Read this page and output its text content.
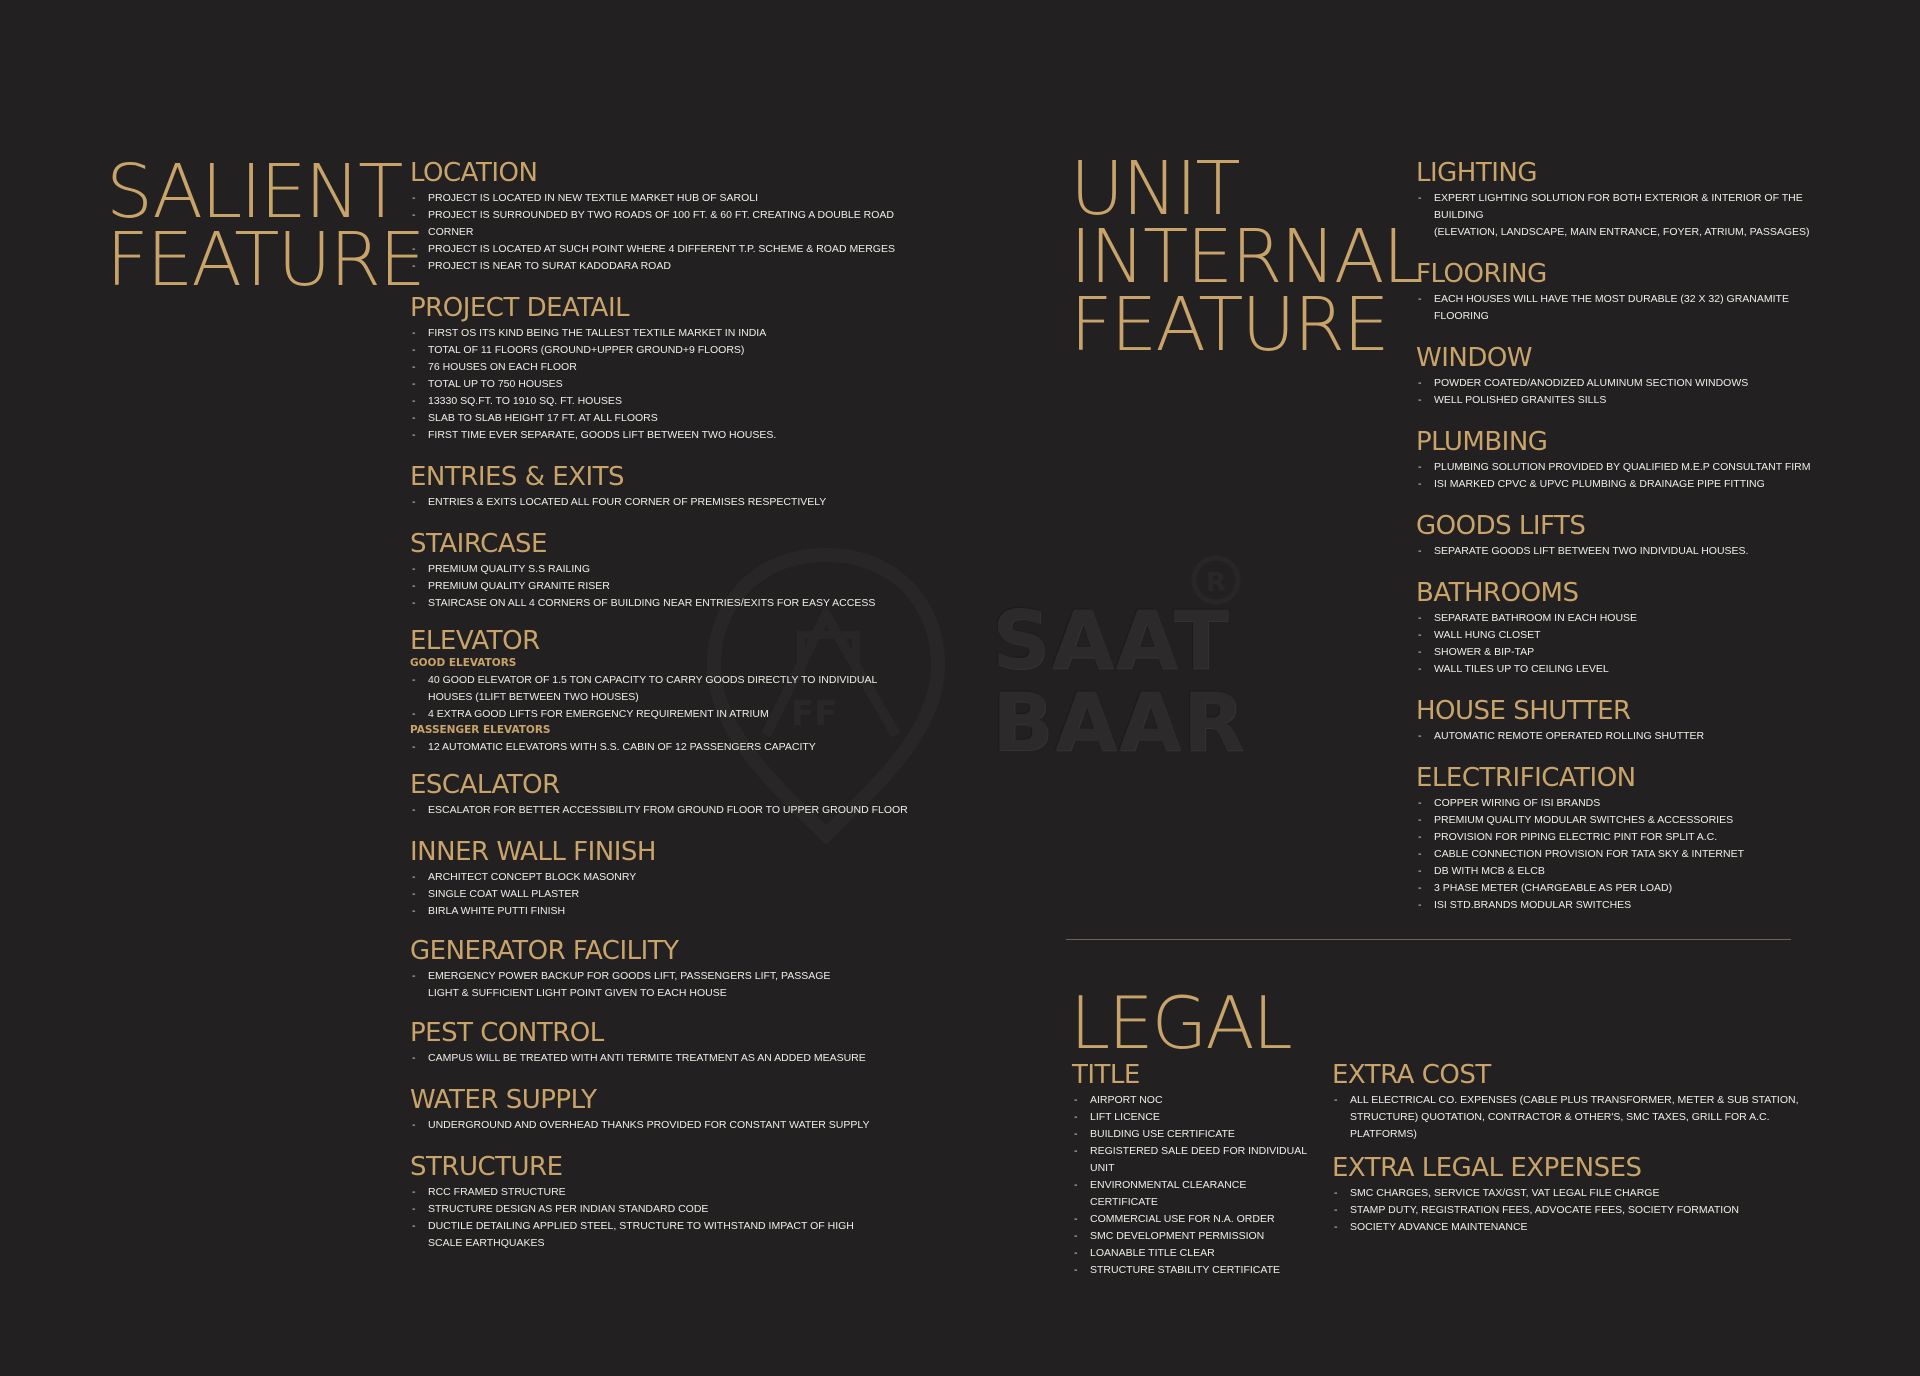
FF
R
SAAT
BAAR
SALIENT
FEATURE
LOCATION
- PROJECT IS LOCATED IN NEW TEXTILE MARKET HUB OF SAROLI
- PROJECT IS SURROUNDED BY TWO ROADS OF 100 FT. & 60 FT. CREATING A DOUBLE ROAD CORNER
- PROJECT IS LOCATED AT SUCH POINT WHERE 4 DIFFERENT T.P. SCHEME & ROAD MERGES
- PROJECT IS NEAR TO SURAT KADODARA ROAD
PROJECT DEATAIL
- FIRST OS ITS KIND BEING THE TALLEST TEXTILE MARKET IN INDIA
- TOTAL OF 11 FLOORS (GROUND+UPPER GROUND+9 FLOORS)
- 76 HOUSES ON EACH FLOOR
- TOTAL UP TO 750 HOUSES
- 13330 SQ.FT. TO 1910 SQ. FT. HOUSES
- SLAB TO SLAB HEIGHT 17 FT. AT ALL FLOORS
- FIRST TIME EVER SEPARATE, GOODS LIFT BETWEEN TWO HOUSES.
ENTRIES & EXITS
- ENTRIES & EXITS LOCATED ALL FOUR CORNER OF PREMISES RESPECTIVELY
STAIRCASE
- PREMIUM QUALITY S.S RAILING
- PREMIUM QUALITY GRANITE RISER
- STAIRCASE ON ALL 4 CORNERS OF BUILDING NEAR ENTRIES/EXITS FOR EASY ACCESS
ELEVATOR
GOOD ELEVATORS
- 40 GOOD ELEVATOR OF 1.5 TON CAPACITY TO CARRY GOODS DIRECTLY TO INDIVIDUAL
HOUSES (1LIFT BETWEEN TWO HOUSES)
- 4 EXTRA GOOD LIFTS FOR EMERGENCY REQUIREMENT IN ATRIUM
PASSENGER ELEVATORS
- 12 AUTOMATIC ELEVATORS WITH S.S. CABIN OF 12 PASSENGERS CAPACITY
ESCALATOR
- ESCALATOR FOR BETTER ACCESSIBILITY FROM GROUND FLOOR TO UPPER GROUND FLOOR
INNER WALL FINISH
- ARCHITECT CONCEPT BLOCK MASONRY
- SINGLE COAT WALL PLASTER
- BIRLA WHITE PUTTI FINISH
GENERATOR FACILITY
- EMERGENCY POWER BACKUP FOR GOODS LIFT, PASSENGERS LIFT, PASSAGE
LIGHT & SUFFICIENT LIGHT POINT GIVEN TO EACH HOUSE
PEST CONTROL
- CAMPUS WILL BE TREATED WITH ANTI TERMITE TREATMENT AS AN ADDED MEASURE
WATER SUPPLY
- UNDERGROUND AND OVERHEAD THANKS PROVIDED FOR CONSTANT WATER SUPPLY
STRUCTURE
- RCC FRAMED STRUCTURE
- STRUCTURE DESIGN AS PER INDIAN STANDARD CODE
- DUCTILE DETAILING APPLIED STEEL, STRUCTURE TO WITHSTAND IMPACT OF HIGH
SCALE EARTHQUAKES
UNIT
INTERNAL
FEATURE
LIGHTING
- EXPERT LIGHTING SOLUTION FOR BOTH EXTERIOR & INTERIOR OF THE BUILDING
(ELEVATION, LANDSCAPE, MAIN ENTRANCE, FOYER, ATRIUM, PASSAGES)
FLOORING
- EACH HOUSES WILL HAVE THE MOST DURABLE (32 X 32) GRANAMITE FLOORING
WINDOW
- POWDER COATED/ANODIZED ALUMINUM SECTION WINDOWS
- WELL POLISHED GRANITES SILLS
PLUMBING
- PLUMBING SOLUTION PROVIDED BY QUALIFIED M.E.P CONSULTANT FIRM
- ISI MARKED CPVC & UPVC PLUMBING & DRAINAGE PIPE FITTING
GOODS LIFTS
- SEPARATE GOODS LIFT BETWEEN TWO INDIVIDUAL HOUSES.
BATHROOMS
- SEPARATE BATHROOM IN EACH HOUSE
- WALL HUNG CLOSET
- SHOWER & BIP-TAP
- WALL TILES UP TO CEILING LEVEL
HOUSE SHUTTER
- AUTOMATIC REMOTE OPERATED ROLLING SHUTTER
ELECTRIFICATION
- COPPER WIRING OF ISI BRANDS
- PREMIUM QUALITY MODULAR SWITCHES & ACCESSORIES
- PROVISION FOR PIPING ELECTRIC PINT FOR SPLIT A.C.
- CABLE CONNECTION PROVISION FOR TATA SKY & INTERNET
- DB WITH MCB & ELCB
- 3 PHASE METER (CHARGEABLE AS PER LOAD)
- ISI STD.BRANDS MODULAR SWITCHES
LEGAL
TITLE
- AIRPORT NOC
- LIFT LICENCE
- BUILDING USE CERTIFICATE
- REGISTERED SALE DEED FOR INDIVIDUAL UNIT
- ENVIRONMENTAL CLEARANCE CERTIFICATE
- COMMERCIAL USE FOR N.A. ORDER
- SMC DEVELOPMENT PERMISSION
- LOANABLE TITLE CLEAR
- STRUCTURE STABILITY CERTIFICATE
EXTRA COST
- ALL ELECTRICAL CO. EXPENSES (CABLE PLUS TRANSFORMER, METER & SUB STATION,
STRUCTURE) QUOTATION, CONTRACTOR & OTHER'S, SMC TAXES, GRILL FOR A.C. PLATFORMS)
EXTRA LEGAL EXPENSES
- SMC CHARGES, SERVICE TAX/GST, VAT LEGAL FILE CHARGE
- STAMP DUTY, REGISTRATION FEES, ADVOCATE FEES, SOCIETY FORMATION
- SOCIETY ADVANCE MAINTENANCE
